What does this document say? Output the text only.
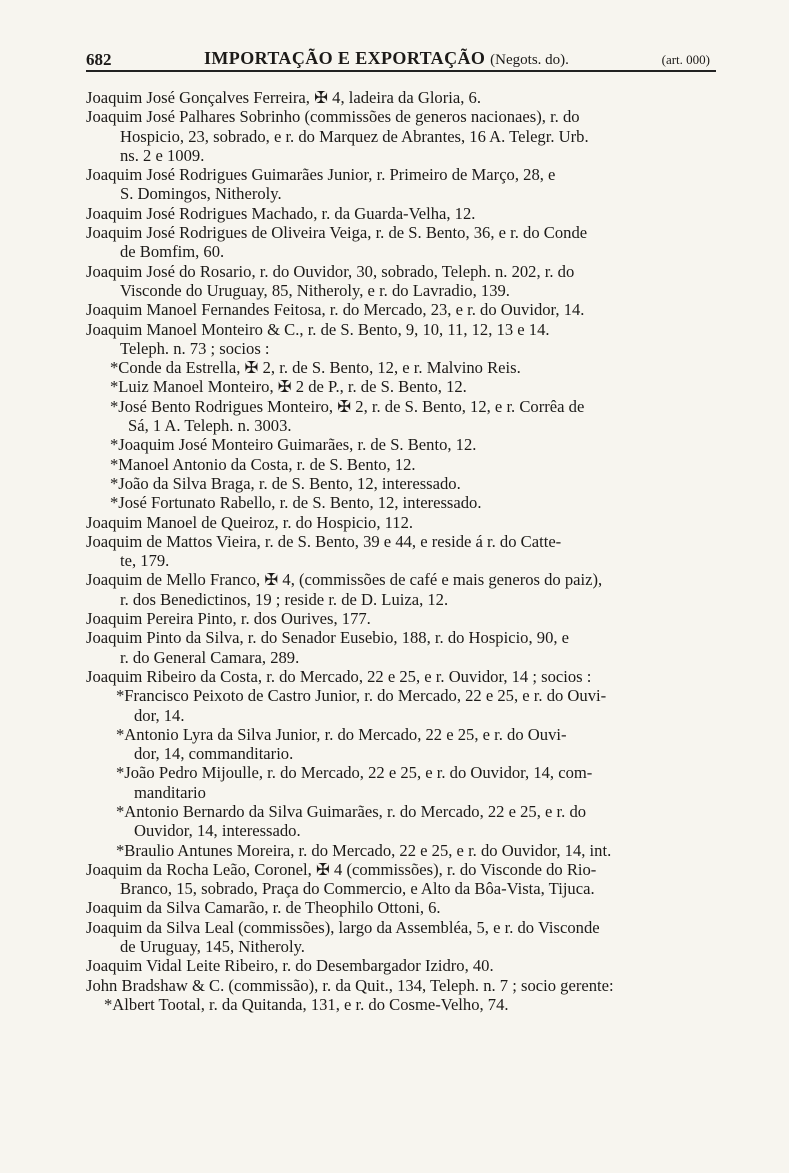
682	IMPORTAÇÃO E EXPORTAÇÃO (Negots. do).	(art. 000)
Joaquim José Gonçalves Ferreira, ✠ 4, ladeira da Gloria, 6.
Joaquim José Palhares Sobrinho (commissões de generos nacionaes), r. do
Hospicio, 23, sobrado, e r. do Marquez de Abrantes, 16 A. Telegr. Urb.
ns. 2 e 1009.
Joaquim José Rodrigues Guimarães Junior, r. Primeiro de Março, 28, e
S. Domingos, Nitheroly.
Joaquim José Rodrigues Machado, r. da Guarda-Velha, 12.
Joaquim José Rodrigues de Oliveira Veiga, r. de S. Bento, 36, e r. do Conde
de Bomfim, 60.
Joaquim José do Rosario, r. do Ouvidor, 30, sobrado, Teleph. n. 202, r. do
Visconde do Uruguay, 85, Nitheroly, e r. do Lavradio, 139.
Joaquim Manoel Fernandes Feitosa, r. do Mercado, 23, e r. do Ouvidor, 14.
Joaquim Manoel Monteiro & C., r. de S. Bento, 9, 10, 11, 12, 13 e 14.
Teleph. n. 73 ; socios :
*Conde da Estrella, ✠ 2, r. de S. Bento, 12, e r. Malvino Reis.
*Luiz Manoel Monteiro, ✠ 2 de P., r. de S. Bento, 12.
*José Bento Rodrigues Monteiro, ✠ 2, r. de S. Bento, 12, e r. Corrêa de
Sá, 1 A. Teleph. n. 3003.
*Joaquim José Monteiro Guimarães, r. de S. Bento, 12.
*Manoel Antonio da Costa, r. de S. Bento, 12.
*João da Silva Braga, r. de S. Bento, 12, interessado.
*José Fortunato Rabello, r. de S. Bento, 12, interessado.
Joaquim Manoel de Queiroz, r. do Hospicio, 112.
Joaquim de Mattos Vieira, r. de S. Bento, 39 e 44, e reside á r. do Catte-
te, 179.
Joaquim de Mello Franco, ✠ 4, (commissões de café e mais generos do paiz),
r. dos Benedictinos, 19 ; reside r. de D. Luiza, 12.
Joaquim Pereira Pinto, r. dos Ourives, 177.
Joaquim Pinto da Silva, r. do Senador Eusebio, 188, r. do Hospicio, 90, e
r. do General Camara, 289.
Joaquim Ribeiro da Costa, r. do Mercado, 22 e 25, e r. Ouvidor, 14 ; socios :
*Francisco Peixoto de Castro Junior, r. do Mercado, 22 e 25, e r. do Ouvi-
dor, 14.
*Antonio Lyra da Silva Junior, r. do Mercado, 22 e 25, e r. do Ouvi-
dor, 14, commanditario.
*João Pedro Mijoulle, r. do Mercado, 22 e 25, e r. do Ouvidor, 14, com-
manditario
*Antonio Bernardo da Silva Guimarães, r. do Mercado, 22 e 25, e r. do
Ouvidor, 14, interessado.
*Braulio Antunes Moreira, r. do Mercado, 22 e 25, e r. do Ouvidor, 14, int.
Joaquim da Rocha Leão, Coronel, ✠ 4 (commissões), r. do Visconde do Rio-
Branco, 15, sobrado, Praça do Commercio, e Alto da Bôa-Vista, Tijuca.
Joaquim da Silva Camarão, r. de Theophilo Ottoni, 6.
Joaquim da Silva Leal (commissões), largo da Assembléa, 5, e r. do Visconde
de Uruguay, 145, Nitheroly.
Joaquim Vidal Leite Ribeiro, r. do Desembargador Izidro, 40.
John Bradshaw & C. (commissão), r. da Quit., 134, Teleph. n. 7 ; socio gerente:
*Albert Tootal, r. da Quitanda, 131, e r. do Cosme-Velho, 74.
